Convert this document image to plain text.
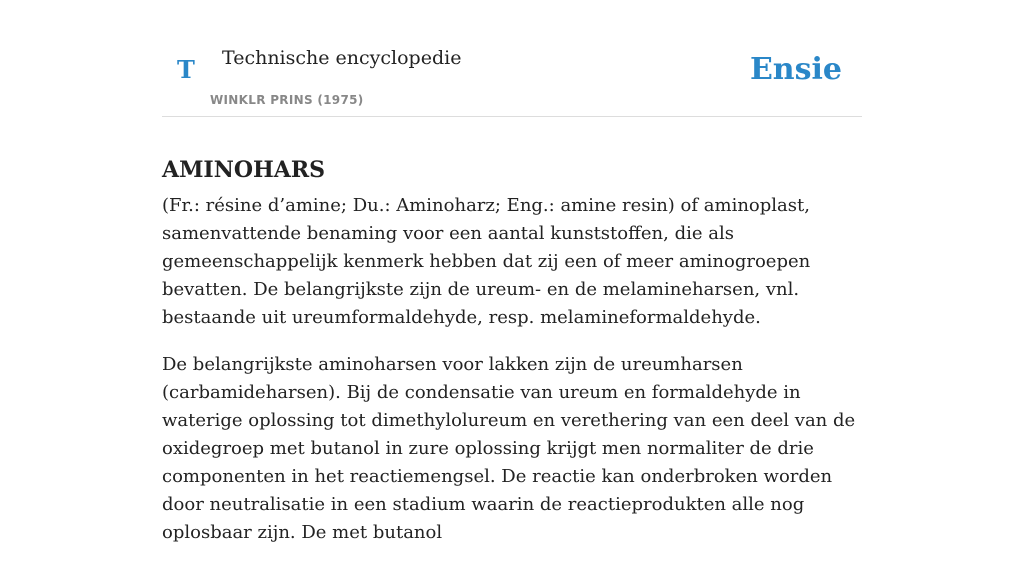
T Technische encyclopedie
WINKLR PRINS (1975)
Ensie
AMINOHARS

(Fr.: résine d’amine; Du.: Aminoharz; Eng.: amine resin) of aminoplast, samenvattende benaming voor een aantal kunststoffen, die als gemeenschappelijk kenmerk hebben dat zij een of meer aminogroepen bevatten. De belangrijkste zijn de ureum- en de melamineharsen, vnl. bestaande uit ureumformaldehyde, resp. melamineformaldehyde.

De belangrijkste aminoharsen voor lakken zijn de ureumharsen (carbamideharsen). Bij de condensatie van ureum en formaldehyde in waterige oplossing tot dimethylolureum en verethering van een deel van de oxidegroep met butanol in zure oplossing krijgt men normaliter de drie componenten in het reactiemengsel. De reactie kan onderbroken worden door neutralisatie in een stadium waarin de reactieprodukten alle nog oplosbaar zijn. De met butanol
